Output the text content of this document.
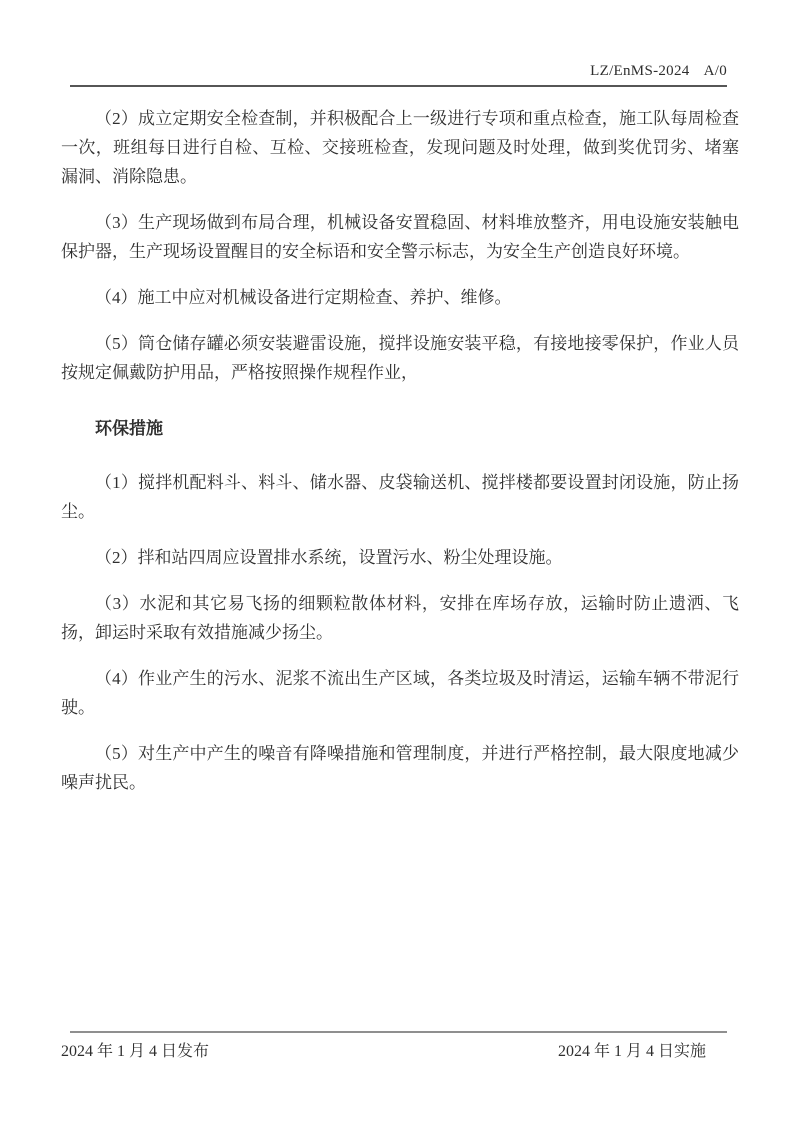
LZ/EnMS-2024 A/0

（2）成立定期安全检查制，并积极配合上一级进行专项和重点检查，施工队每周检查一次，班组每日进行自检、互检、交接班检查，发现问题及时处理，做到奖优罚劣、堵塞漏洞、消除隐患。

（3）生产现场做到布局合理，机械设备安置稳固、材料堆放整齐，用电设施安装触电保护器，生产现场设置醒目的安全标语和安全警示标志，为安全生产创造良好环境。

（4）施工中应对机械设备进行定期检查、养护、维修。

（5）筒仓储存罐必须安装避雷设施，搅拌设施安装平稳，有接地接零保护，作业人员按规定佩戴防护用品，严格按照操作规程作业，

环保措施

（1）搅拌机配料斗、料斗、储水器、皮袋输送机、搅拌楼都要设置封闭设施，防止扬尘。

（2）拌和站四周应设置排水系统，设置污水、粉尘处理设施。

（3）水泥和其它易飞扬的细颗粒散体材料，安排在库场存放，运输时防止遗洒、飞扬，卸运时采取有效措施减少扬尘。

（4）作业产生的污水、泥浆不流出生产区域，各类垃圾及时清运，运输车辆不带泥行驶。

（5）对生产中产生的噪音有降噪措施和管理制度，并进行严格控制，最大限度地减少噪声扰民。

2024 年 1 月 4 日发布	2024 年 1 月 4 日实施
